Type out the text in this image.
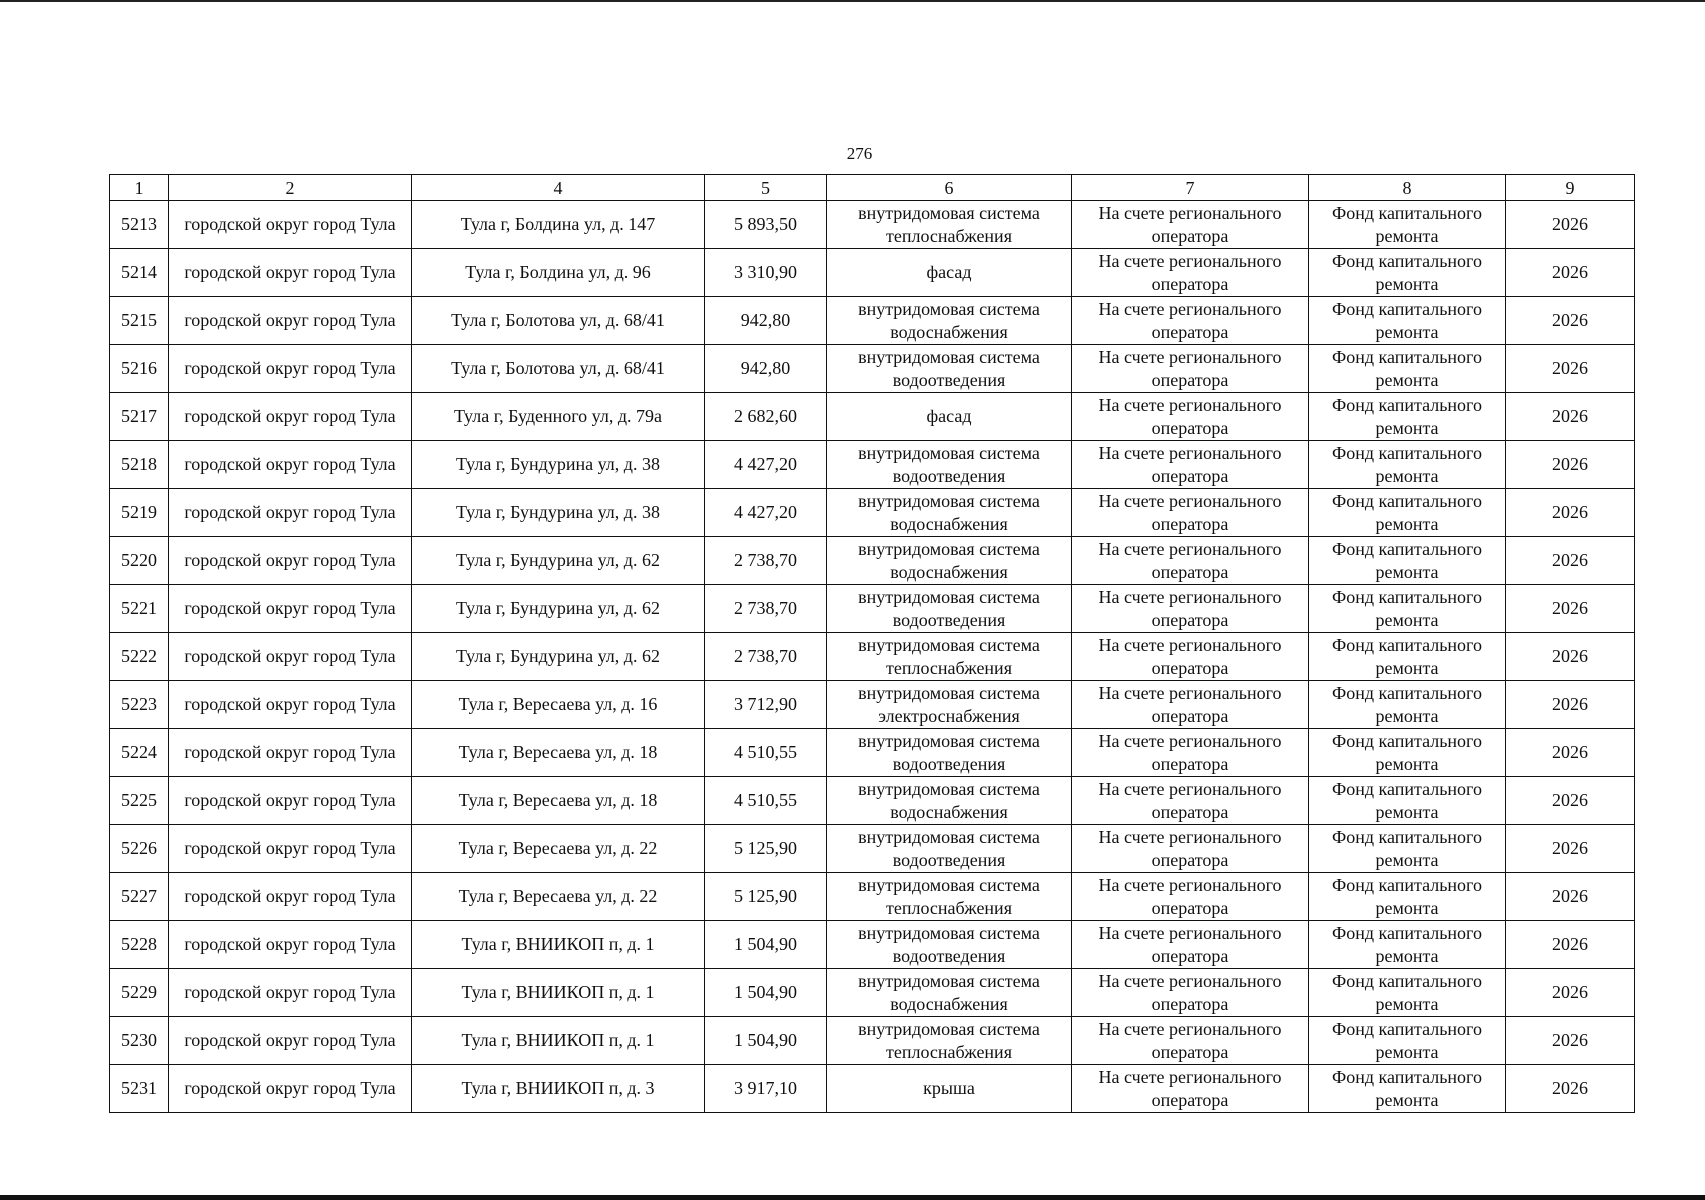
276
1	2	4	5	6	7	8	9
5213	городской округ город Тула	Тула г, Болдина ул, д. 147	5 893,50	внутридомовая система теплоснабжения	На счете регионального оператора	Фонд капитального ремонта	2026
5214	городской округ город Тула	Тула г, Болдина ул, д. 96	3 310,90	фасад	На счете регионального оператора	Фонд капитального ремонта	2026
5215	городской округ город Тула	Тула г, Болотова ул, д. 68/41	942,80	внутридомовая система водоснабжения	На счете регионального оператора	Фонд капитального ремонта	2026
5216	городской округ город Тула	Тула г, Болотова ул, д. 68/41	942,80	внутридомовая система водоотведения	На счете регионального оператора	Фонд капитального ремонта	2026
5217	городской округ город Тула	Тула г, Буденного ул, д. 79а	2 682,60	фасад	На счете регионального оператора	Фонд капитального ремонта	2026
5218	городской округ город Тула	Тула г, Бундурина ул, д. 38	4 427,20	внутридомовая система водоотведения	На счете регионального оператора	Фонд капитального ремонта	2026
5219	городской округ город Тула	Тула г, Бундурина ул, д. 38	4 427,20	внутридомовая система водоснабжения	На счете регионального оператора	Фонд капитального ремонта	2026
5220	городской округ город Тула	Тула г, Бундурина ул, д. 62	2 738,70	внутридомовая система водоснабжения	На счете регионального оператора	Фонд капитального ремонта	2026
5221	городской округ город Тула	Тула г, Бундурина ул, д. 62	2 738,70	внутридомовая система водоотведения	На счете регионального оператора	Фонд капитального ремонта	2026
5222	городской округ город Тула	Тула г, Бундурина ул, д. 62	2 738,70	внутридомовая система теплоснабжения	На счете регионального оператора	Фонд капитального ремонта	2026
5223	городской округ город Тула	Тула г, Вересаева ул, д. 16	3 712,90	внутридомовая система электроснабжения	На счете регионального оператора	Фонд капитального ремонта	2026
5224	городской округ город Тула	Тула г, Вересаева ул, д. 18	4 510,55	внутридомовая система водоотведения	На счете регионального оператора	Фонд капитального ремонта	2026
5225	городской округ город Тула	Тула г, Вересаева ул, д. 18	4 510,55	внутридомовая система водоснабжения	На счете регионального оператора	Фонд капитального ремонта	2026
5226	городской округ город Тула	Тула г, Вересаева ул, д. 22	5 125,90	внутридомовая система водоотведения	На счете регионального оператора	Фонд капитального ремонта	2026
5227	городской округ город Тула	Тула г, Вересаева ул, д. 22	5 125,90	внутридомовая система теплоснабжения	На счете регионального оператора	Фонд капитального ремонта	2026
5228	городской округ город Тула	Тула г, ВНИИКОП п, д. 1	1 504,90	внутридомовая система водоотведения	На счете регионального оператора	Фонд капитального ремонта	2026
5229	городской округ город Тула	Тула г, ВНИИКОП п, д. 1	1 504,90	внутридомовая система водоснабжения	На счете регионального оператора	Фонд капитального ремонта	2026
5230	городской округ город Тула	Тула г, ВНИИКОП п, д. 1	1 504,90	внутридомовая система теплоснабжения	На счете регионального оператора	Фонд капитального ремонта	2026
5231	городской округ город Тула	Тула г, ВНИИКОП п, д. 3	3 917,10	крыша	На счете регионального оператора	Фонд капитального ремонта	2026
